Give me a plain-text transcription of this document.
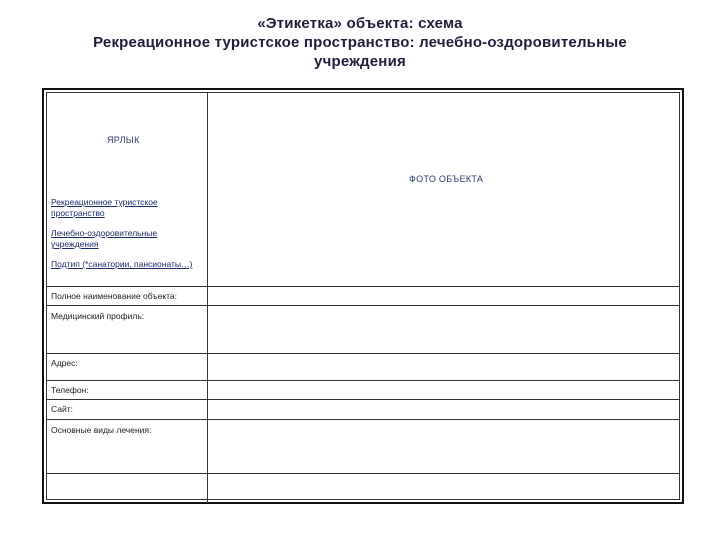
«Этикетка» объекта: схема
Рекреационное туристское пространство: лечебно-оздоровительные
учреждения
ЯРЛЫК
Рекреационное туристское пространство
Лечебно-оздоровительные учреждения
Подтип (*санатории, пансионаты…)
ФОТО ОБЪЕКТА
Полное наименование объекта:
Медицинский профиль:
Адрес:
Телефон:
Сайт:
Основные виды лечения:
